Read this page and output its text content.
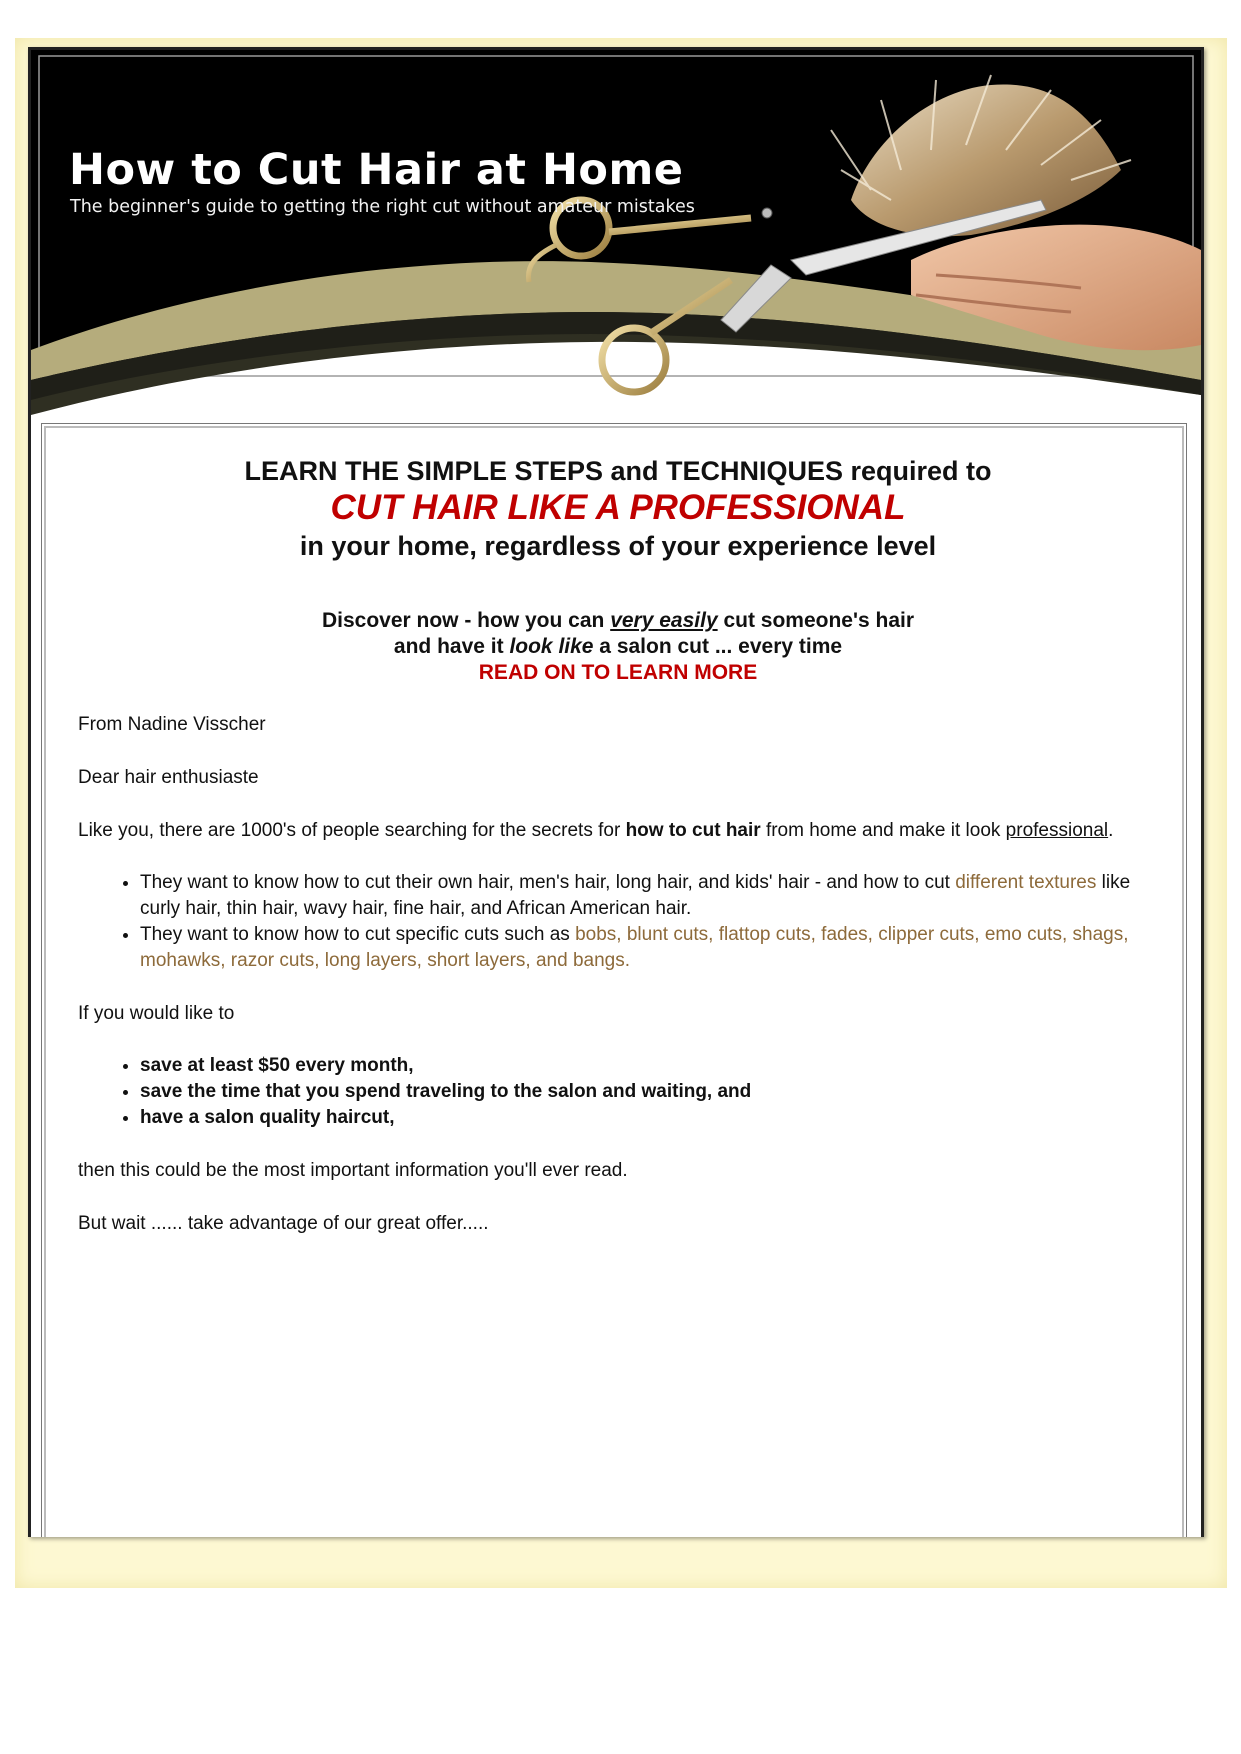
How to Cut Hair at Home
The beginner's guide to getting the right cut without amateur mistakes
LEARN THE SIMPLE STEPS and TECHNIQUES required to
CUT HAIR LIKE A PROFESSIONAL
in your home, regardless of your experience level
Discover now - how you can very easily cut someone's hair
and have it look like a salon cut ... every time
READ ON TO LEARN MORE

From Nadine Visscher

Dear hair enthusiaste

Like you, there are 1000's of people searching for the secrets for how to cut hair from home and make it look professional.

• They want to know how to cut their own hair, men's hair, long hair, and kids' hair - and how to cut different textures like curly hair, thin hair, wavy hair, fine hair, and African American hair.
• They want to know how to cut specific cuts such as bobs, blunt cuts, flattop cuts, fades, clipper cuts, emo cuts, shags, mohawks, razor cuts, long layers, short layers, and bangs.

If you would like to

• save at least $50 every month,
• save the time that you spend traveling to the salon and waiting, and
• have a salon quality haircut,

then this could be the most important information you'll ever read.

But wait ...... take advantage of our great offer.....
